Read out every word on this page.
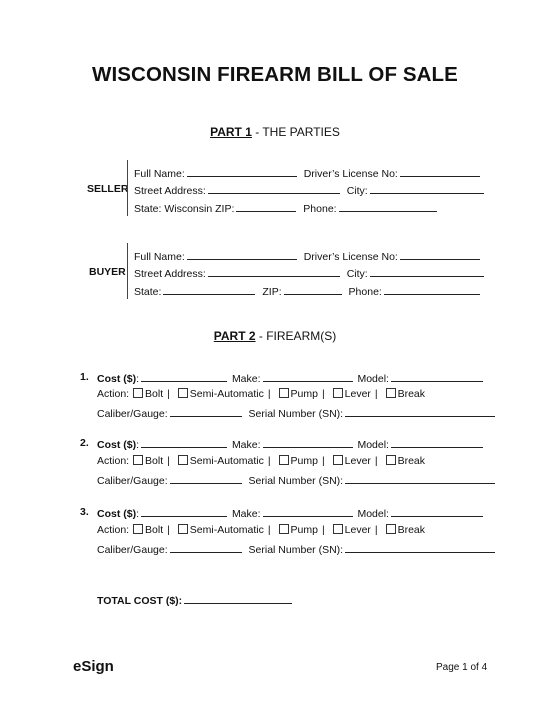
WISCONSIN FIREARM BILL OF SALE
PART 1 - THE PARTIES
SELLER
Full Name:	Driver’s License No:
Street Address:	City:
State: Wisconsin ZIP:	Phone:
BUYER
Full Name:	Driver’s License No:
Street Address:	City:
State:	ZIP:	Phone:
PART 2 - FIREARM(S)
1. Cost ($):	Make:	Model:
Action: Bolt | Semi-Automatic | Pump | Lever | Break
Caliber/Gauge:	Serial Number (SN):
2. Cost ($):	Make:	Model:
Action: Bolt | Semi-Automatic | Pump | Lever | Break
Caliber/Gauge:	Serial Number (SN):
3. Cost ($):	Make:	Model:
Action: Bolt | Semi-Automatic | Pump | Lever | Break
Caliber/Gauge:	Serial Number (SN):
TOTAL COST ($):
eSign	Page 1 of 4
